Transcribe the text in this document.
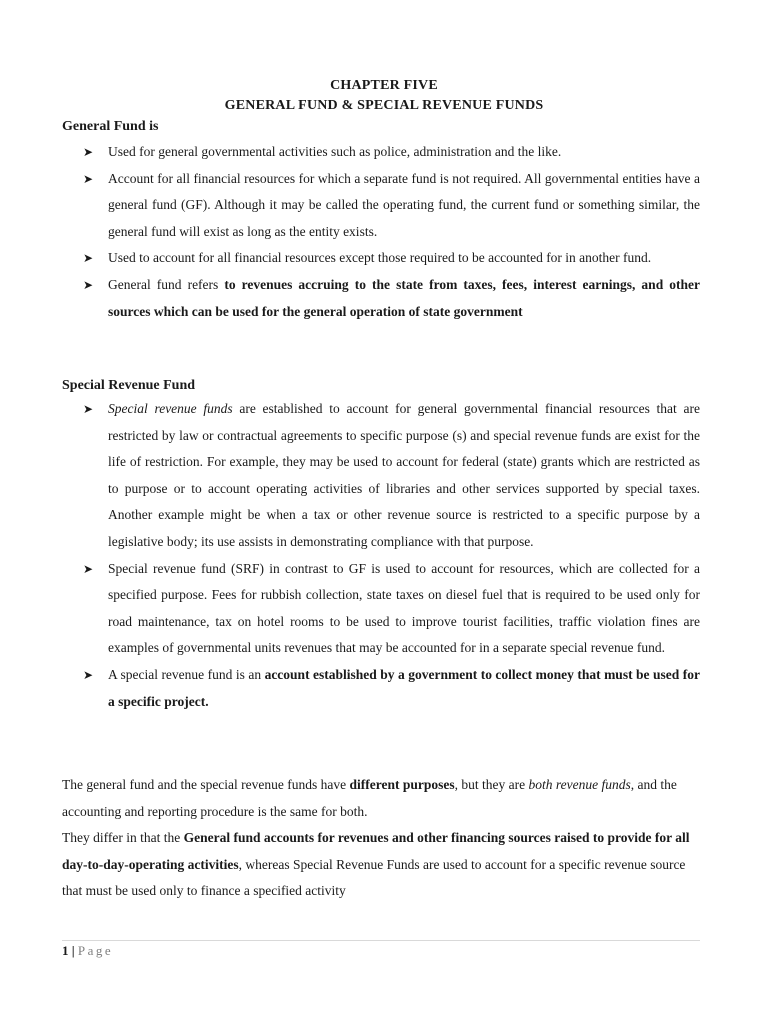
CHAPTER FIVE
GENERAL FUND & SPECIAL REVENUE FUNDS
General Fund is
➤ Used for general governmental activities such as police, administration and the like.
➤ Account for all financial resources for which a separate fund is not required. All governmental entities have a general fund (GF). Although it may be called the operating fund, the current fund or something similar, the general fund will exist as long as the entity exists.
➤ Used to account for all financial resources except those required to be accounted for in another fund.
➤ General fund refers to revenues accruing to the state from taxes, fees, interest earnings, and other sources which can be used for the general operation of state government
Special Revenue Fund
➤ Special revenue funds are established to account for general governmental financial resources that are restricted by law or contractual agreements to specific purpose (s) and special revenue funds are exist for the life of restriction. For example, they may be used to account for federal (state) grants which are restricted as to purpose or to account operating activities of libraries and other services supported by special taxes. Another example might be when a tax or other revenue source is restricted to a specific purpose by a legislative body; its use assists in demonstrating compliance with that purpose.
➤ Special revenue fund (SRF) in contrast to GF is used to account for resources, which are collected for a specified purpose. Fees for rubbish collection, state taxes on diesel fuel that is required to be used only for road maintenance, tax on hotel rooms to be used to improve tourist facilities, traffic violation fines are examples of governmental units revenues that may be accounted for in a separate special revenue fund.
➤ A special revenue fund is an account established by a government to collect money that must be used for a specific project.

The general fund and the special revenue funds have different purposes, but they are both revenue funds, and the accounting and reporting procedure is the same for both.

They differ in that the General fund accounts for revenues and other financing sources raised to provide for all day-to-day-operating activities, whereas Special Revenue Funds are used to account for a specific revenue source that must be used only to finance a specified activity

1 | Page
